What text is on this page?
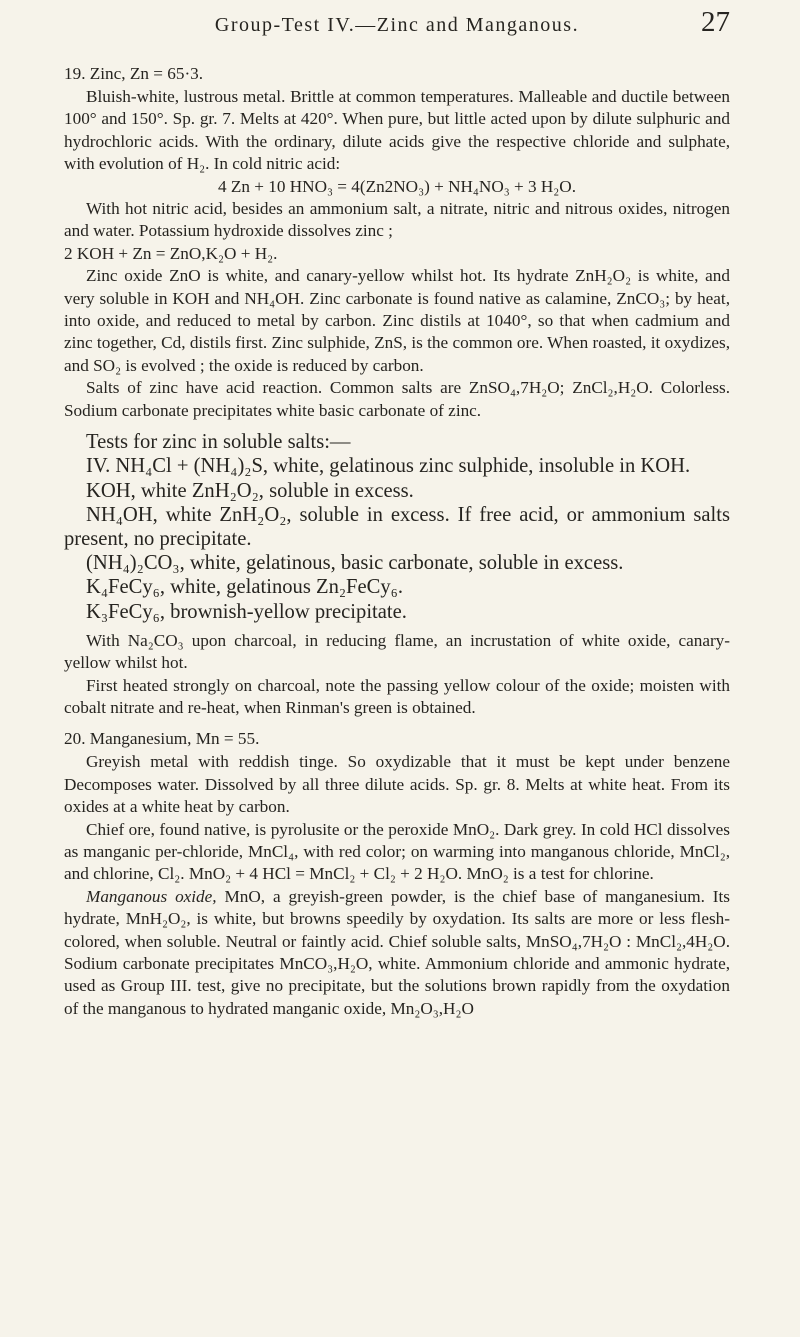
Group-Test IV.—Zinc and Manganous.	27

19. Zinc, Zn = 65·3.

Bluish-white, lustrous metal. Brittle at common temperatures. Malleable and ductile between 100° and 150°. Sp. gr. 7. Melts at 420°. When pure, but little acted upon by dilute sulphuric and hydrochloric acids. With the ordinary, dilute acids give the respective chloride and sulphate, with evolution of H₂. In cold nitric acid:

4 Zn + 10 HNO₃ = 4(Zn2NO₃) + NH₄NO₃ + 3 H₂O.

With hot nitric acid, besides an ammonium salt, a nitrate, nitric and nitrous oxides, nitrogen and water. Potassium hydroxide dissolves zinc ;

2 KOH + Zn = ZnO,K₂O + H₂.

Zinc oxide ZnO is white, and canary-yellow whilst hot. Its hydrate ZnH₂O₂ is white, and very soluble in KOH and NH₄OH. Zinc carbonate is found native as calamine, ZnCO₃; by heat, into oxide, and reduced to metal by carbon. Zinc distils at 1040°, so that when cadmium and zinc together, Cd, distils first. Zinc sulphide, ZnS, is the common ore. When roasted, it oxydizes, and SO₂ is evolved ; the oxide is reduced by carbon.

Salts of zinc have acid reaction. Common salts are ZnSO₄,7H₂O; ZnCl₂,H₂O. Colorless. Sodium carbonate precipitates white basic carbonate of zinc.

Tests for zinc in soluble salts:—

IV. NH₄Cl + (NH₄)₂S, white, gelatinous zinc sulphide, insoluble in KOH.

KOH, white ZnH₂O₂, soluble in excess.

NH₄OH, white ZnH₂O₂, soluble in excess. If free acid, or ammonium salts present, no precipitate.

(NH₄)₂CO₃, white, gelatinous, basic carbonate, soluble in excess.

K₄FeCy₆, white, gelatinous Zn₂FeCy₆.

K₃FeCy₆, brownish-yellow precipitate.

With Na₂CO₃ upon charcoal, in reducing flame, an incrustation of white oxide, canary-yellow whilst hot.

First heated strongly on charcoal, note the passing yellow colour of the oxide; moisten with cobalt nitrate and re-heat, when Rinman's green is obtained.

20. Manganesium, Mn = 55.

Greyish metal with reddish tinge. So oxydizable that it must be kept under benzene Decomposes water. Dissolved by all three dilute acids. Sp. gr. 8. Melts at white heat. From its oxides at a white heat by carbon.

Chief ore, found native, is pyrolusite or the peroxide MnO₂. Dark grey. In cold HCl dissolves as manganic per-chloride, MnCl₄, with red color; on warming into manganous chloride, MnCl₂, and chlorine, Cl₂. MnO₂ + 4 HCl = MnCl₂ + Cl₂ + 2 H₂O. MnO₂ is a test for chlorine.

Manganous oxide, MnO, a greyish-green powder, is the chief base of manganesium. Its hydrate, MnH₂O₂, is white, but browns speedily by oxydation. Its salts are more or less flesh-colored, when soluble. Neutral or faintly acid. Chief soluble salts, MnSO₄,7H₂O : MnCl₂,4H₂O. Sodium carbonate precipitates MnCO₃,H₂O, white. Ammonium chloride and ammonic hydrate, used as Group III. test, give no precipitate, but the solutions brown rapidly from the oxydation of the manganous to hydrated manganic oxide, Mn₂O₃,H₂O
